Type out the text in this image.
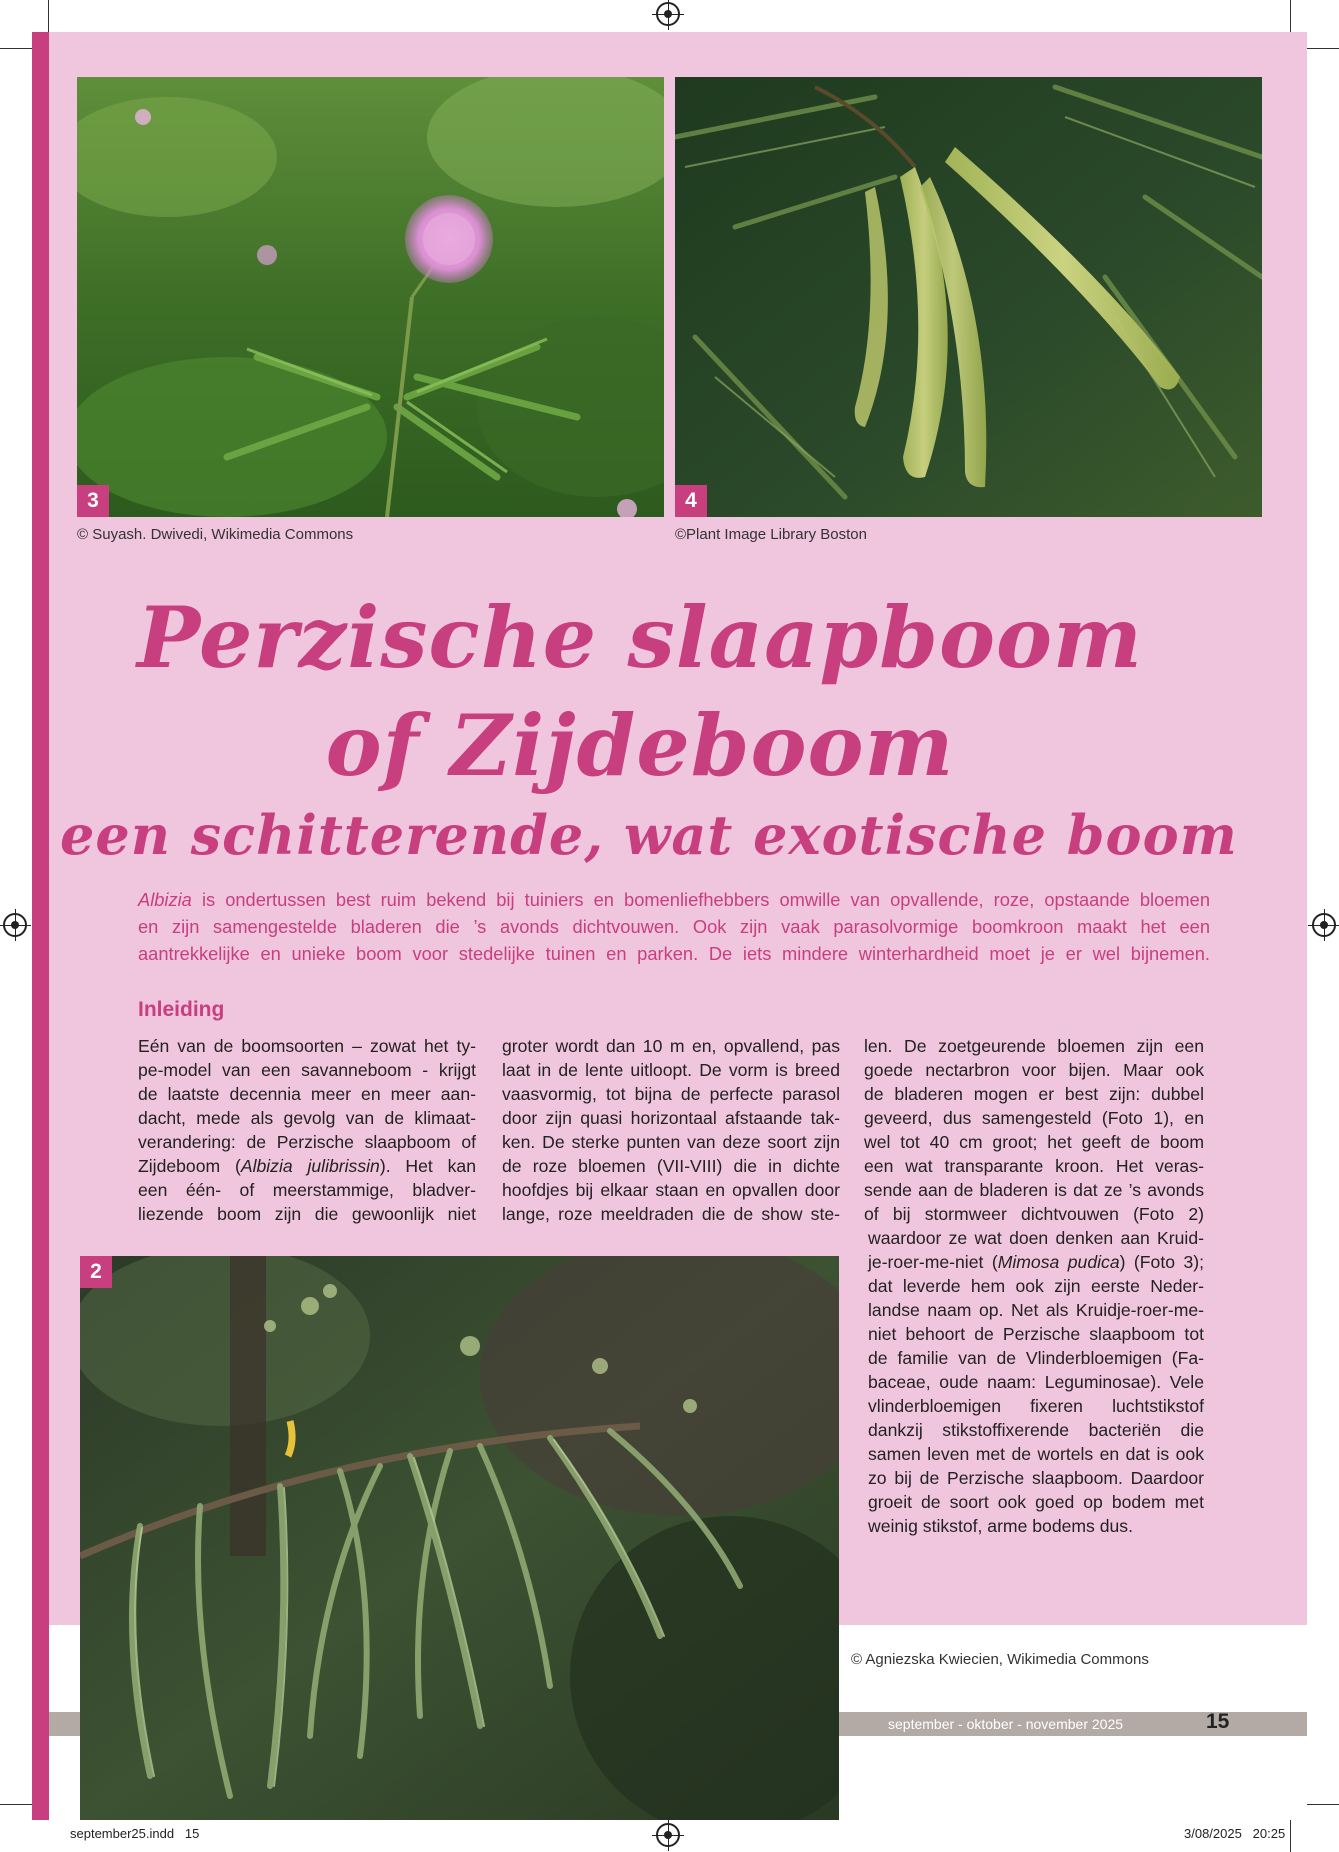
3
© Suyash. Dwivedi, Wikimedia Commons
4
©Plant Image Library Boston
Perzische slaapboom
of Zijdeboom
een schitterende, wat exotische boom

Albizia is ondertussen best ruim bekend bij tuiniers en bomenliefhebbers omwille van opvallende, roze, opstaande bloemen

en zijn samengestelde bladeren die ’s avonds dichtvouwen. Ook zijn vaak parasolvormige boomkroon maakt het een

aantrekkelijke en unieke boom voor stedelijke tuinen en parken. De iets mindere winterhardheid moet je er wel bijnemen.

Inleiding
Eén van de boomsoorten – zowat het ty-
pe-model van een savanneboom - krijgt
de laatste decennia meer en meer aan-
dacht, mede als gevolg van de klimaat-
verandering: de Perzische slaapboom of
Zijdeboom (Albizia julibrissin). Het kan
een één- of meerstammige, bladver-
liezende boom zijn die gewoonlijk niet
groter wordt dan 10 m en, opvallend, pas
laat in de lente uitloopt. De vorm is breed
vaasvormig, tot bijna de perfecte parasol
door zijn quasi horizontaal afstaande tak-
ken. De sterke punten van deze soort zijn
de roze bloemen (VII-VIII) die in dichte
hoofdjes bij elkaar staan en opvallen door
lange, roze meeldraden die de show ste-
len. De zoetgeurende bloemen zijn een
goede nectarbron voor bijen. Maar ook
de bladeren mogen er best zijn: dubbel
geveerd, dus samengesteld (Foto 1), en
wel tot 40 cm groot; het geeft de boom
een wat transparante kroon. Het veras-
sende aan de bladeren is dat ze ’s avonds
of bij stormweer dichtvouwen (Foto 2)
waardoor ze wat doen denken aan Kruid-
je-roer-me-niet (Mimosa pudica) (Foto 3);
dat leverde hem ook zijn eerste Neder-
landse naam op. Net als Kruidje-roer-me-
niet behoort de Perzische slaapboom tot
de familie van de Vlinderbloemigen (Fa-
baceae, oude naam: Leguminosae). Vele
vlinderbloemigen fixeren luchtstikstof
dankzij stikstoffixerende bacteriën die
samen leven met de wortels en dat is ook
zo bij de Perzische slaapboom. Daardoor
groeit de soort ook goed op bodem met
weinig stikstof, arme bodems dus.
september - oktober - november 2025	15
2
© Agniezska Kwiecien, Wikimedia Commons
september25.indd   15	3/08/2025   20:25
